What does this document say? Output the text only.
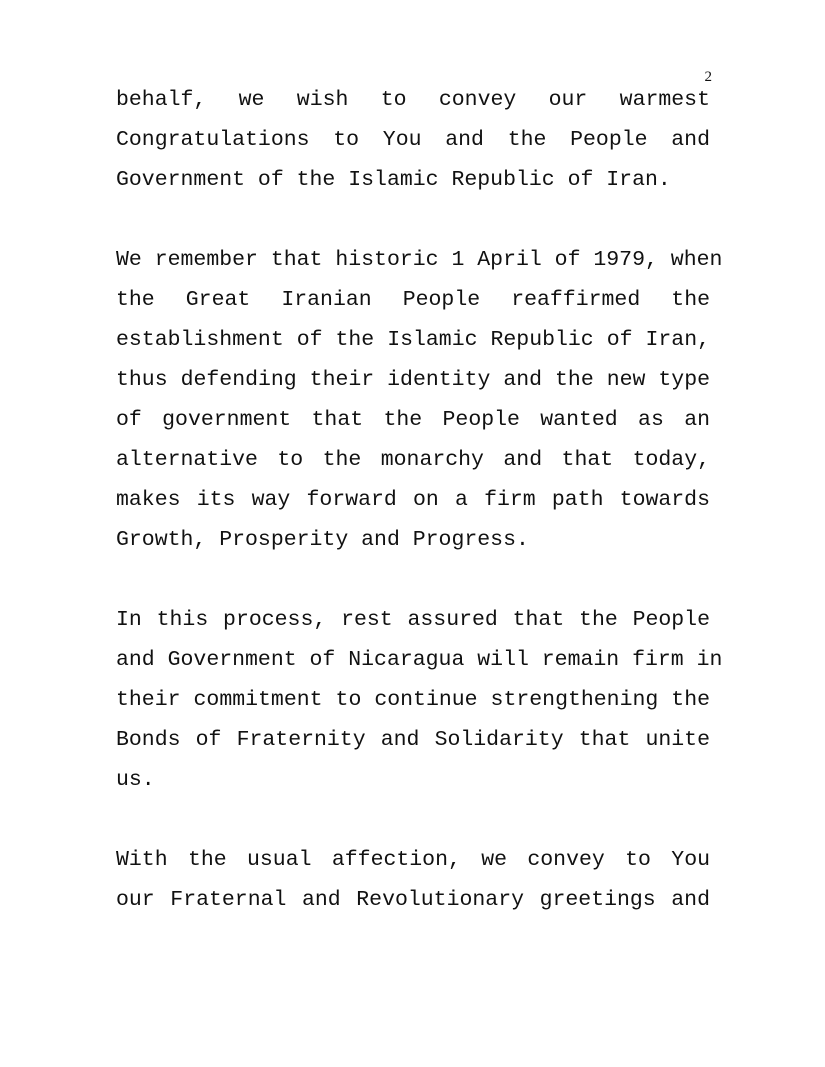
2
behalf, we wish to convey our warmest
Congratulations to You and the People and
Government of the Islamic Republic of Iran.
We remember that historic 1 April of 1979, when
the Great Iranian People reaffirmed the
establishment of the Islamic Republic of Iran,
thus defending their identity and the new type
of government that the People wanted as an
alternative to the monarchy and that today,
makes its way forward on a firm path towards
Growth, Prosperity and Progress.
In this process, rest assured that the People
and Government of Nicaragua will remain firm in
their commitment to continue strengthening the
Bonds of Fraternity and Solidarity that unite
us.
With the usual affection, we convey to You
our Fraternal and Revolutionary greetings and
